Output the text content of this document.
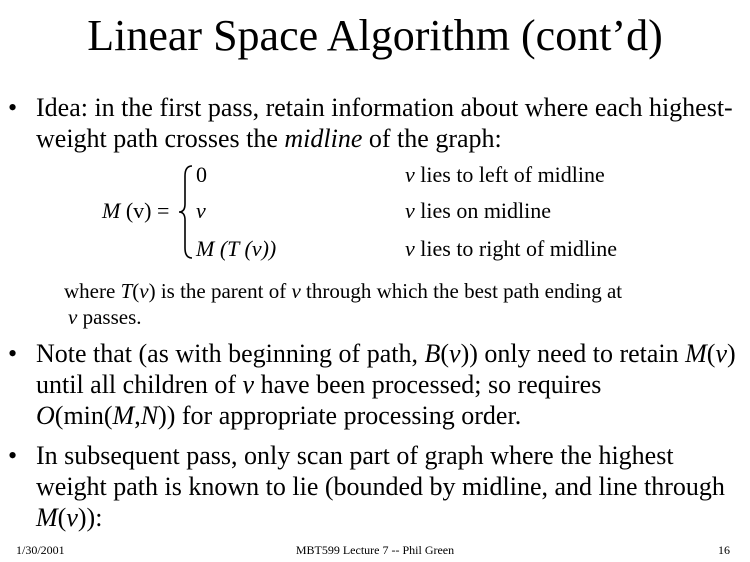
Linear Space Algorithm (cont’d)
• Idea: in the first pass, retain information about where each highest- weight path crosses the midline of the graph:
M (v) =
0
v
M (T (v))
v lies to left of midline
v lies on midline
v lies to right of midline
where T(v) is the parent of v through which the best path ending at
v passes.
• Note that (as with beginning of path, B(v)) only need to retain M(v) until all children of v have been processed; so requires O(min(M,N)) for appropriate processing order.
• In subsequent pass, only scan part of graph where the highest weight path is known to lie (bounded by midline, and line through M(v)):
1/30/2001	MBT599 Lecture 7 -- Phil Green	16
